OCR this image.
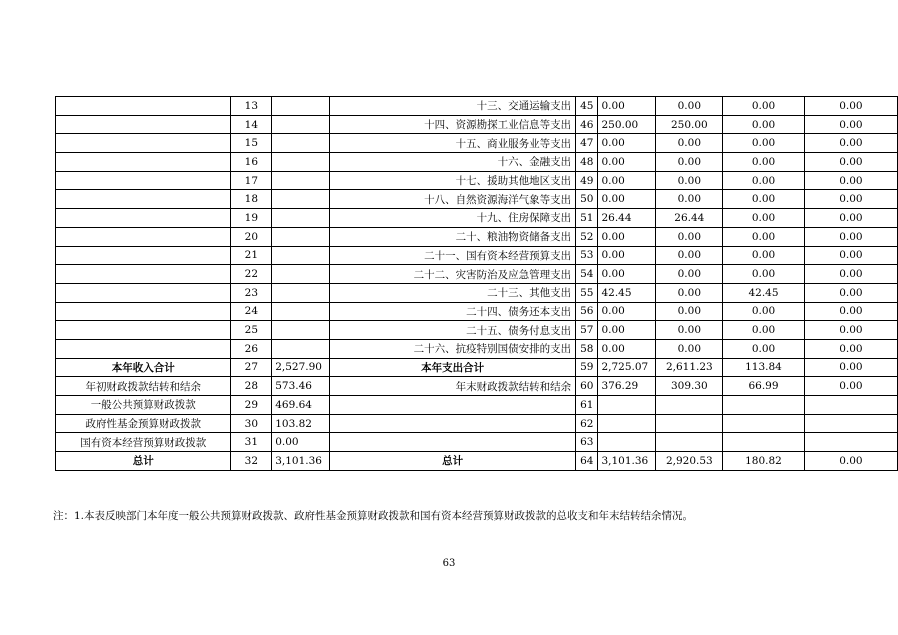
	13		十三、交通运输支出	45	0.00	0.00	0.00	0.00
	14		十四、资源勘探工业信息等支出	46	250.00	250.00	0.00	0.00
	15		十五、商业服务业等支出	47	0.00	0.00	0.00	0.00
	16		十六、金融支出	48	0.00	0.00	0.00	0.00
	17		十七、援助其他地区支出	49	0.00	0.00	0.00	0.00
	18		十八、自然资源海洋气象等支出	50	0.00	0.00	0.00	0.00
	19		十九、住房保障支出	51	26.44	26.44	0.00	0.00
	20		二十、粮油物资储备支出	52	0.00	0.00	0.00	0.00
	21		二十一、国有资本经营预算支出	53	0.00	0.00	0.00	0.00
	22		二十二、灾害防治及应急管理支出	54	0.00	0.00	0.00	0.00
	23		二十三、其他支出	55	42.45	0.00	42.45	0.00
	24		二十四、债务还本支出	56	0.00	0.00	0.00	0.00
	25		二十五、债务付息支出	57	0.00	0.00	0.00	0.00
	26		二十六、抗疫特别国债安排的支出	58	0.00	0.00	0.00	0.00
本年收入合计	27	2,527.90	本年支出合计	59	2,725.07	2,611.23	113.84	0.00
年初财政拨款结转和结余	28	573.46	年末财政拨款结转和结余	60	376.29	309.30	66.99	0.00
一般公共预算财政拨款	29	469.64		61				
政府性基金预算财政拨款	30	103.82		62				
国有资本经营预算财政拨款	31	0.00		63				
总计	32	3,101.36	总计	64	3,101.36	2,920.53	180.82	0.00
注：1.本表反映部门本年度一般公共预算财政拨款、政府性基金预算财政拨款和国有资本经营预算财政拨款的总收支和年末结转结余情况。
63
